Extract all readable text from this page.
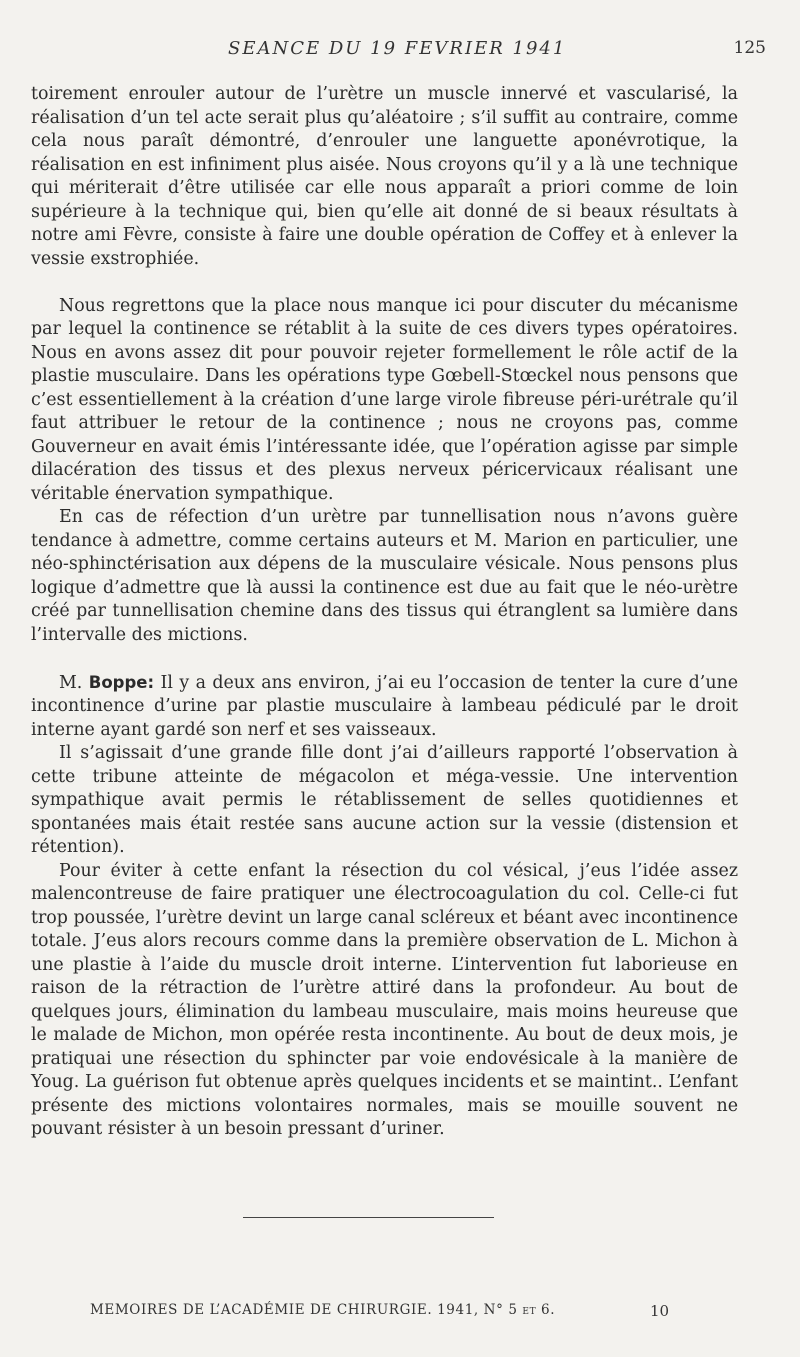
SEANCE DU 19 FEVRIER 1941	125

toirement enrouler autour de l’urètre un muscle innervé et vascularisé, la réalisation d’un tel acte serait plus qu’aléatoire ; s’il suffit au contraire, comme cela nous paraît démontré, d’enrouler une languette aponévrotique, la réalisation en est infiniment plus aisée. Nous croyons qu’il y a là une technique qui mériterait d’être utilisée car elle nous apparaît a priori comme de loin supérieure à la technique qui, bien qu’elle ait donné de si beaux résultats à notre ami Fèvre, consiste à faire une double opération de Coffey et à enlever la vessie exstrophiée.

Nous regrettons que la place nous manque ici pour discuter du mécanisme par lequel la continence se rétablit à la suite de ces divers types opératoires. Nous en avons assez dit pour pouvoir rejeter formellement le rôle actif de la plastie musculaire. Dans les opérations type Gœbell-Stœckel nous pensons que c’est essentiellement à la création d’une large virole fibreuse péri-urétrale qu’il faut attribuer le retour de la continence ; nous ne croyons pas, comme Gouverneur en avait émis l’intéressante idée, que l’opération agisse par simple dilacération des tissus et des plexus nerveux péricervicaux réalisant une véritable énervation sympathique.

En cas de réfection d’un urètre par tunnellisation nous n’avons guère tendance à admettre, comme certains auteurs et M. Marion en particulier, une néo-sphinctérisation aux dépens de la musculaire vésicale. Nous pensons plus logique d’admettre que là aussi la continence est due au fait que le néo-urètre créé par tunnellisation chemine dans des tissus qui étranglent sa lumière dans l’intervalle des mictions.

M. Boppe: Il y a deux ans environ, j’ai eu l’occasion de tenter la cure d’une incontinence d’urine par plastie musculaire à lambeau pédiculé par le droit interne ayant gardé son nerf et ses vaisseaux.

Il s’agissait d’une grande fille dont j’ai d’ailleurs rapporté l’observation à cette tribune atteinte de mégacolon et méga-vessie. Une intervention sympathique avait permis le rétablissement de selles quotidiennes et spontanées mais était restée sans aucune action sur la vessie (distension et rétention).

Pour éviter à cette enfant la résection du col vésical, j’eus l’idée assez malencontreuse de faire pratiquer une électrocoagulation du col. Celle-ci fut trop poussée, l’urètre devint un large canal scléreux et béant avec incontinence totale. J’eus alors recours comme dans la première observation de L. Michon à une plastie à l’aide du muscle droit interne. L’intervention fut laborieuse en raison de la rétraction de l’urètre attiré dans la profondeur. Au bout de quelques jours, élimination du lambeau musculaire, mais moins heureuse que le malade de Michon, mon opérée resta incontinente. Au bout de deux mois, je pratiquai une résection du sphincter par voie endovésicale à la manière de Youg. La guérison fut obtenue après quelques incidents et se maintint.. L’enfant présente des mictions volontaires normales, mais se mouille souvent ne pouvant résister à un besoin pressant d’uriner.

MEMOIRES DE L’ACADÉMIE DE CHIRURGIE. 1941, N° 5 et 6.	10
